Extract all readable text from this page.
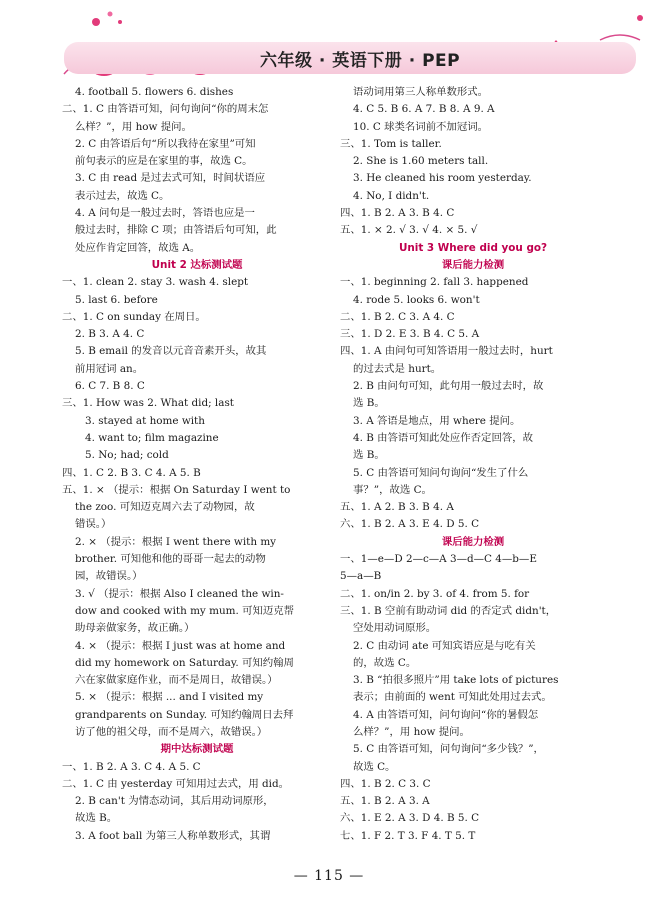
六年级 · 英语下册 · PEP
4. football 5. flowers 6. dishes
二、1. C 由答语可知，问句询问“你的周末怎
么样？”，用 how 提问。
2. C 由答语后句“所以我待在家里”可知
前句表示的应是在家里的事，故选 C。
3. C 由 read 是过去式可知，时间状语应
表示过去，故选 C。
4. A 问句是一般过去时，答语也应是一
般过去时，排除 C 项；由答语后句可知，此
处应作肯定回答，故选 A。
Unit 2 达标测试题
一、1. clean 2. stay 3. wash 4. slept
5. last 6. before
二、1. C on sunday 在周日。
2. B 3. A 4. C
5. B email 的发音以元音音素开头，故其
前用冠词 an。
6. C 7. B 8. C
三、1. How was 2. What did; last
3. stayed at home with
4. want to; film magazine
5. No; had; cold
四、1. C 2. B 3. C 4. A 5. B
五、1. × （提示：根据 On Saturday I went to
the zoo. 可知迈克周六去了动物园，故
错误。）
2. × （提示：根据 I went there with my
brother. 可知他和他的哥哥一起去的动物
园，故错误。）
3. √ （提示：根据 Also I cleaned the win-
dow and cooked with my mum. 可知迈克帮
助母亲做家务，故正确。）
4. × （提示：根据 I just was at home and
did my homework on Saturday. 可知约翰周
六在家做家庭作业，而不是周日，故错误。）
5. × （提示：根据 ... and I visited my
grandparents on Sunday. 可知约翰周日去拜
访了他的祖父母，而不是周六，故错误。）
期中达标测试题
一、1. B 2. A 3. C 4. A 5. C
二、1. C 由 yesterday 可知用过去式，用 did。
2. B can't 为情态动词，其后用动词原形，
故选 B。
3. A foot ball 为第三人称单数形式，其谓
语动词用第三人称单数形式。
4. C 5. B 6. A 7. B 8. A 9. A
10. C 球类名词前不加冠词。
三、1. Tom is taller.
2. She is 1.60 meters tall.
3. He cleaned his room yesterday.
4. No, I didn't.
四、1. B 2. A 3. B 4. C
五、1. × 2. √ 3. √ 4. × 5. √
Unit 3 Where did you go?
课后能力检测
一、1. beginning 2. fall 3. happened
4. rode 5. looks 6. won't
二、1. B 2. C 3. A 4. C
三、1. D 2. E 3. B 4. C 5. A
四、1. A 由问句可知答语用一般过去时，hurt
的过去式是 hurt。
2. B 由问句可知，此句用一般过去时，故
选 B。
3. A 答语是地点，用 where 提问。
4. B 由答语可知此处应作否定回答，故
选 B。
5. C 由答语可知问句询问“发生了什么
事？”，故选 C。
五、1. A 2. B 3. B 4. A
六、1. B 2. A 3. E 4. D 5. C
课后能力检测
一、1—e—D 2—c—A 3—d—C 4—b—E
5—a—B
二、1. on/in 2. by 3. of 4. from 5. for
三、1. B 空前有助动词 did 的否定式 didn't，
空处用动词原形。
2. C 由动词 ate 可知宾语应是与吃有关
的，故选 C。
3. B “拍很多照片”用 take lots of pictures
表示；由前面的 went 可知此处用过去式。
4. A 由答语可知，问句询问“你的暑假怎
么样？”，用 how 提问。
5. C 由答语可知，问句询问“多少钱？”，
故选 C。
四、1. B 2. C 3. C
五、1. B 2. A 3. A
六、1. E 2. A 3. D 4. B 5. C
七、1. F 2. T 3. F 4. T 5. T
— 115 —
